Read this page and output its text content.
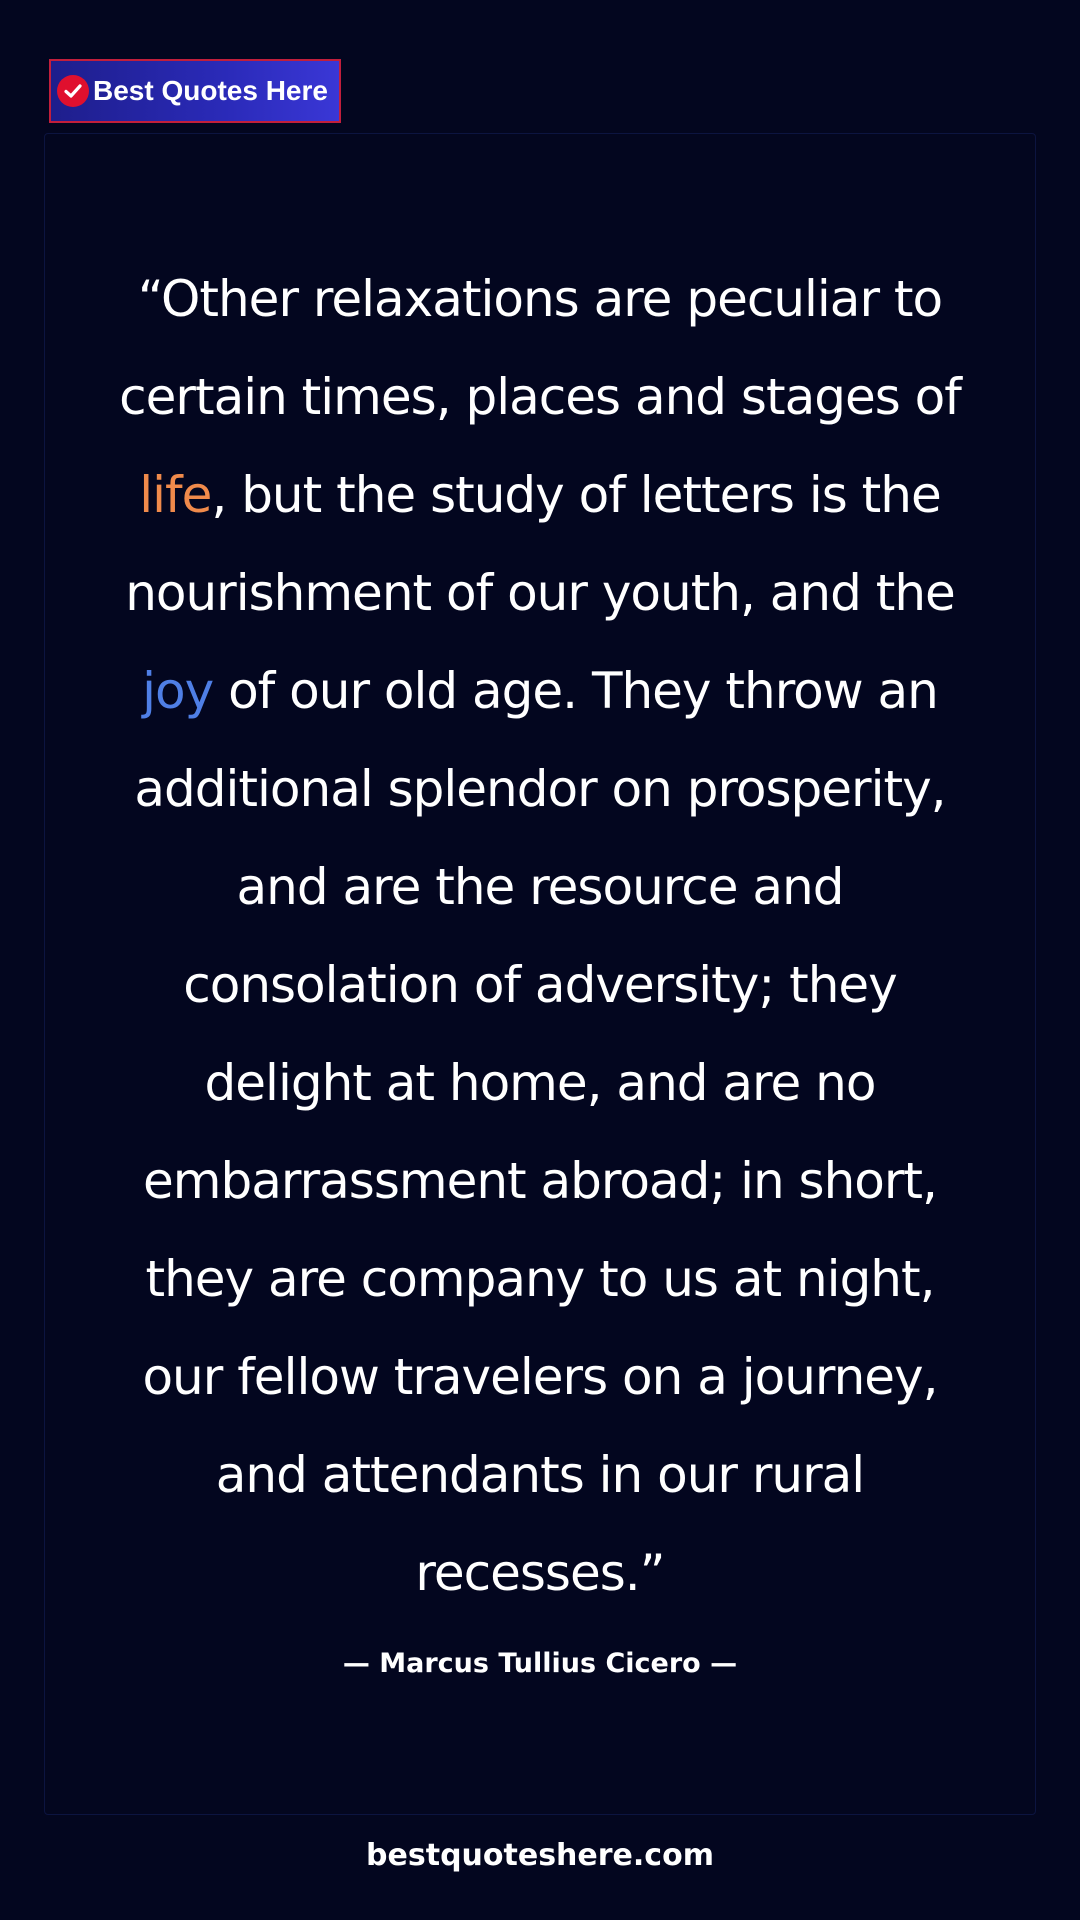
Best Quotes Here

“Other relaxations are peculiar to certain times, places and stages of life, but the study of letters is the nourishment of our youth, and the joy of our old age. They throw an additional splendor on prosperity, and are the resource and consolation of adversity; they delight at home, and are no embarrassment abroad; in short, they are company to us at night, our fellow travelers on a journey, and attendants in our rural recesses.”

— Marcus Tullius Cicero —
bestquoteshere.com
